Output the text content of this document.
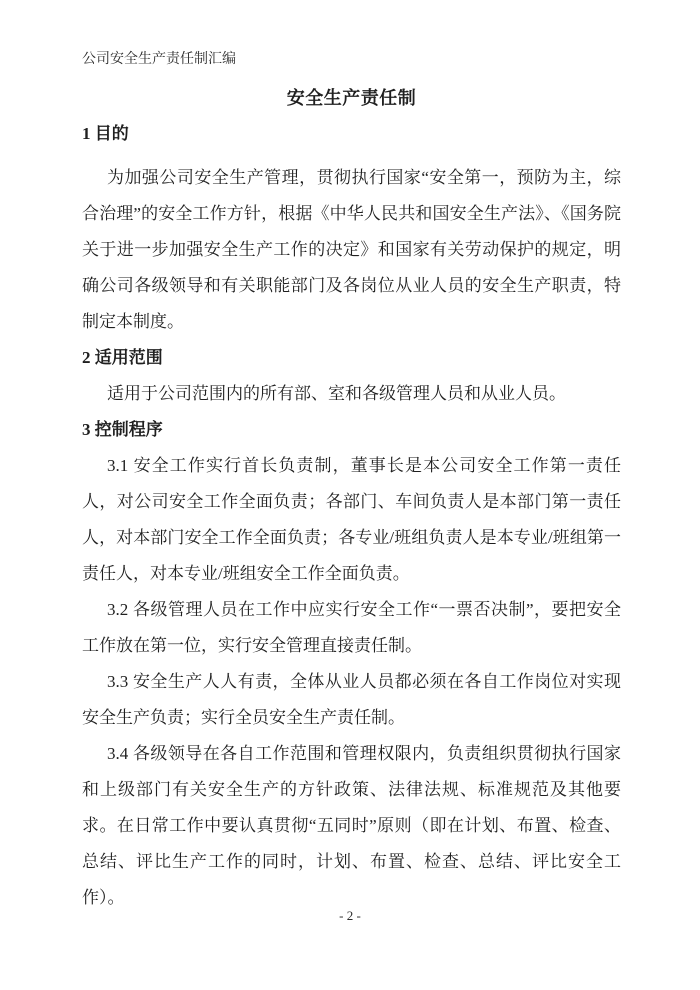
公司安全生产责任制汇编
安全生产责任制
1 目的

为加强公司安全生产管理，贯彻执行国家“安全第一，预防为主，综合治理”的安全工作方针，根据《中华人民共和国安全生产法》、《国务院关于进一步加强安全生产工作的决定》和国家有关劳动保护的规定，明确公司各级领导和有关职能部门及各岗位从业人员的安全生产职责，特制定本制度。

2 适用范围

适用于公司范围内的所有部、室和各级管理人员和从业人员。

3 控制程序

3.1 安全工作实行首长负责制，董事长是本公司安全工作第一责任人，对公司安全工作全面负责；各部门、车间负责人是本部门第一责任人，对本部门安全工作全面负责；各专业/班组负责人是本专业/班组第一责任人，对本专业/班组安全工作全面负责。

3.2 各级管理人员在工作中应实行安全工作“一票否决制”，要把安全工作放在第一位，实行安全管理直接责任制。

3.3 安全生产人人有责，全体从业人员都必须在各自工作岗位对实现安全生产负责；实行全员安全生产责任制。

3.4 各级领导在各自工作范围和管理权限内，负责组织贯彻执行国家和上级部门有关安全生产的方针政策、法律法规、标准规范及其他要求。在日常工作中要认真贯彻“五同时”原则（即在计划、布置、检查、总结、评比生产工作的同时，计划、布置、检查、总结、评比安全工作）。

- 2 -
